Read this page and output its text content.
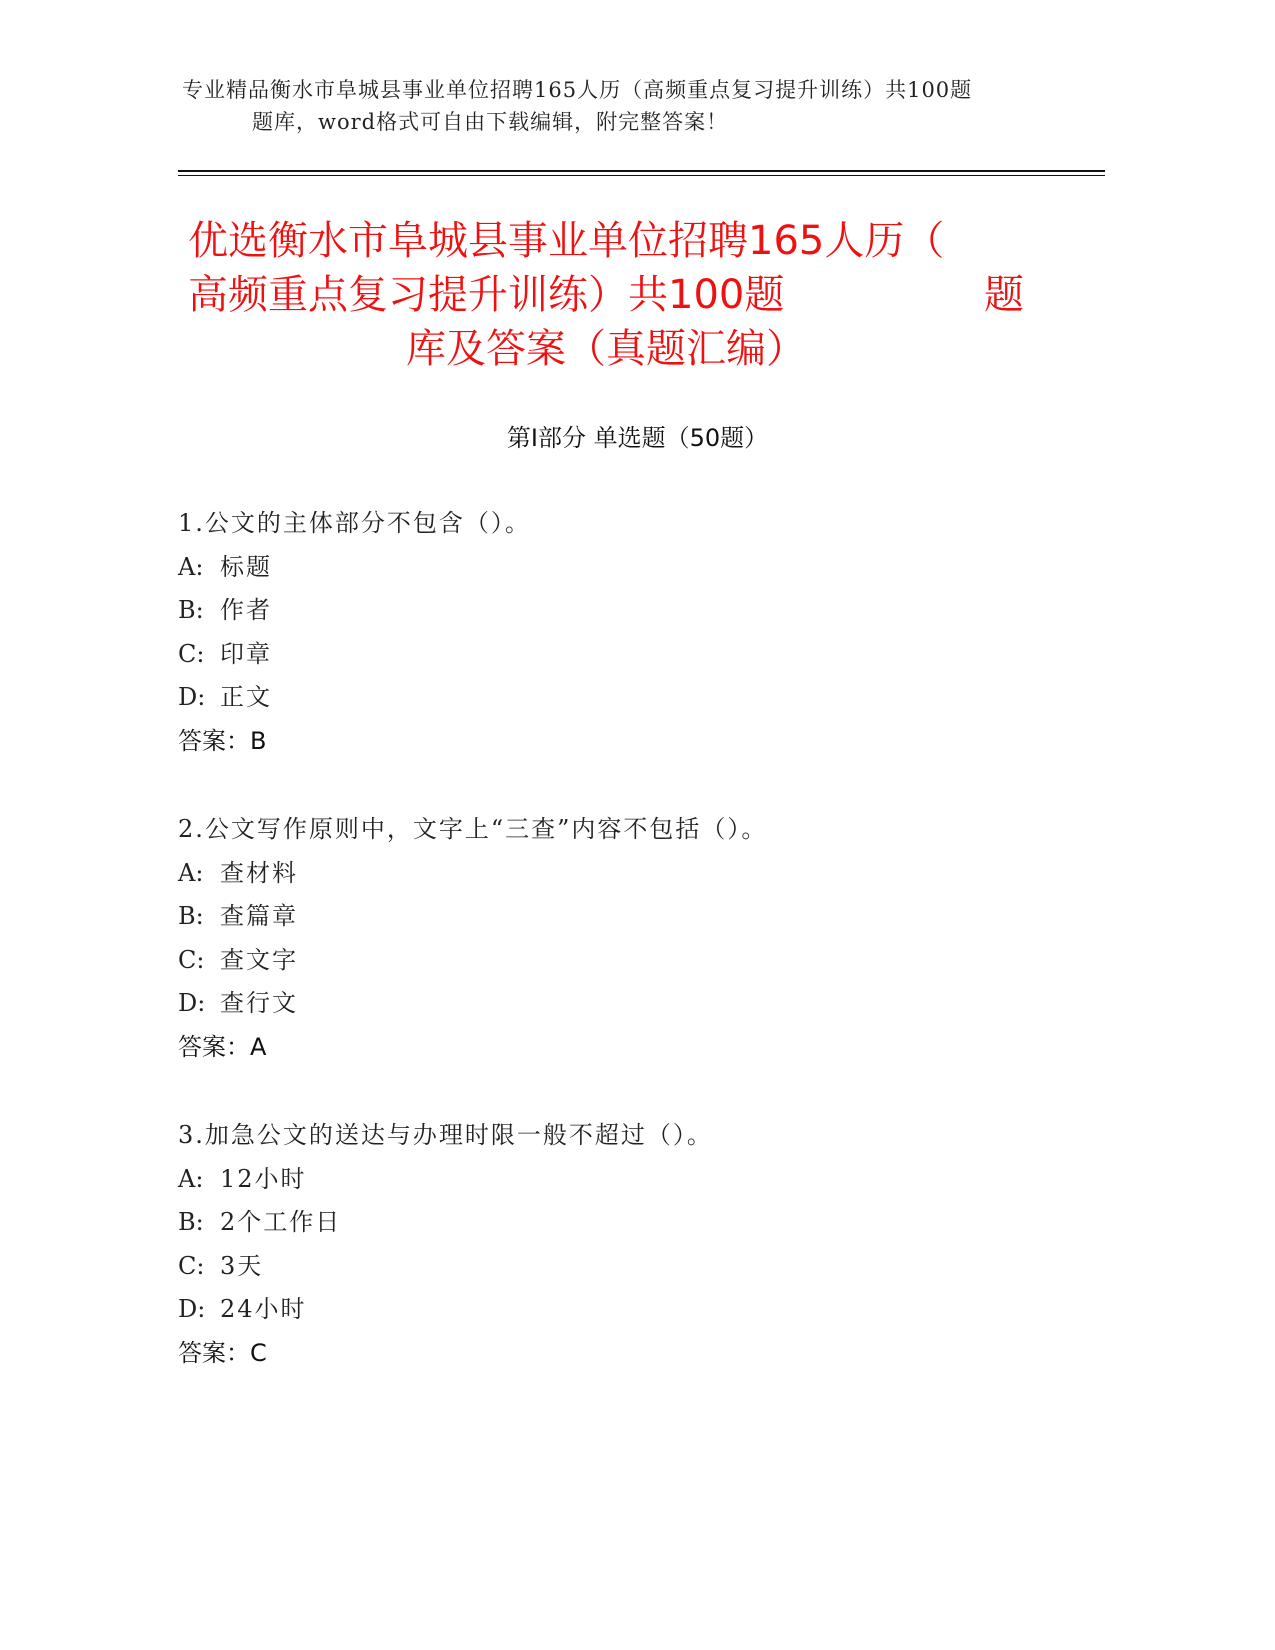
专业精品衡水市阜城县事业单位招聘165人历（高频重点复习提升训练）共100题
题库，word格式可自由下载编辑，附完整答案！
优选衡水市阜城县事业单位招聘165人历（
高频重点复习提升训练）共100题	题
库及答案（真题汇编）
第Ⅰ部分 单选题（50题）
1.公文的主体部分不包含（）。
A: 标题
B: 作者
C: 印章
D: 正文
答案：B
2.公文写作原则中，文字上“三查”内容不包括（）。
A: 查材料
B: 查篇章
C: 查文字
D: 查行文
答案：A
3.加急公文的送达与办理时限一般不超过（）。
A: 12小时
B: 2个工作日
C: 3天
D: 24小时
答案：C
